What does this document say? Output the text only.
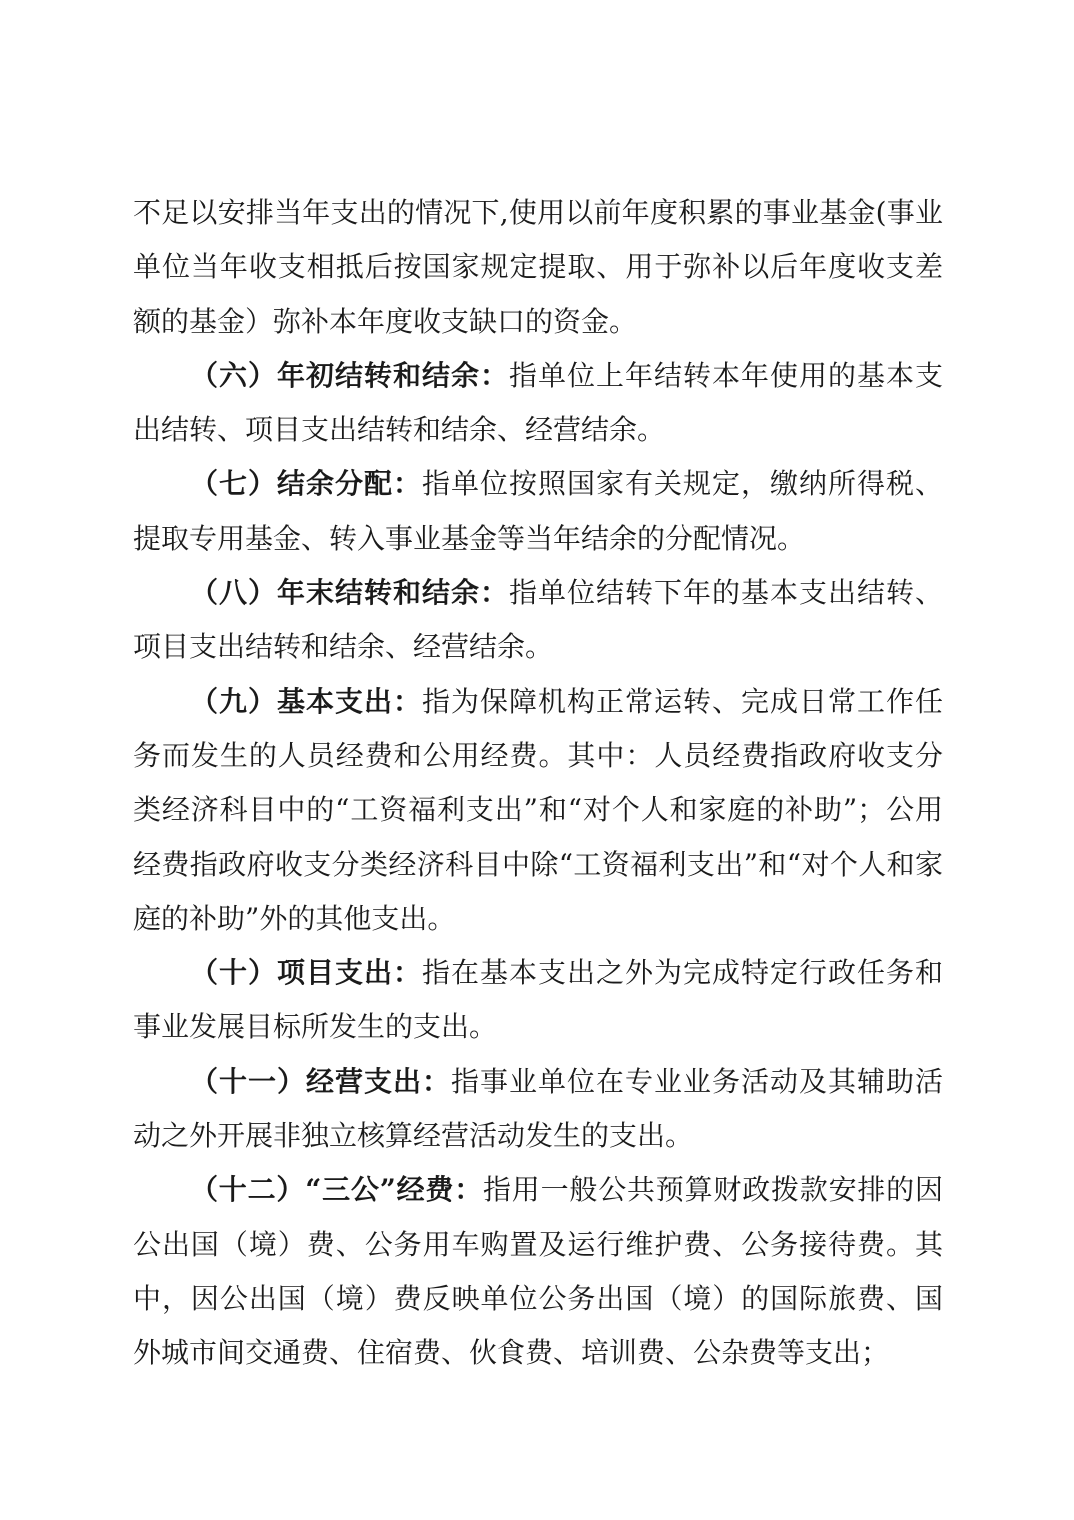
不足以安排当年支出的情况下,使用以前年度积累的事业基金(事业单位当年收支相抵后按国家规定提取、用于弥补以后年度收支差额的基金）弥补本年度收支缺口的资金。

（六）年初结转和结余：指单位上年结转本年使用的基本支出结转、项目支出结转和结余、经营结余。

（七）结余分配：指单位按照国家有关规定，缴纳所得税、提取专用基金、转入事业基金等当年结余的分配情况。

（八）年末结转和结余：指单位结转下年的基本支出结转、项目支出结转和结余、经营结余。

（九）基本支出：指为保障机构正常运转、完成日常工作任务而发生的人员经费和公用经费。其中：人员经费指政府收支分类经济科目中的“工资福利支出”和“对个人和家庭的补助”；公用经费指政府收支分类经济科目中除“工资福利支出”和“对个人和家庭的补助”外的其他支出。

（十）项目支出：指在基本支出之外为完成特定行政任务和事业发展目标所发生的支出。

（十一）经营支出：指事业单位在专业业务活动及其辅助活动之外开展非独立核算经营活动发生的支出。

（十二）“三公”经费：指用一般公共预算财政拨款安排的因公出国（境）费、公务用车购置及运行维护费、公务接待费。其中，因公出国（境）费反映单位公务出国（境）的国际旅费、国外城市间交通费、住宿费、伙食费、培训费、公杂费等支出；
